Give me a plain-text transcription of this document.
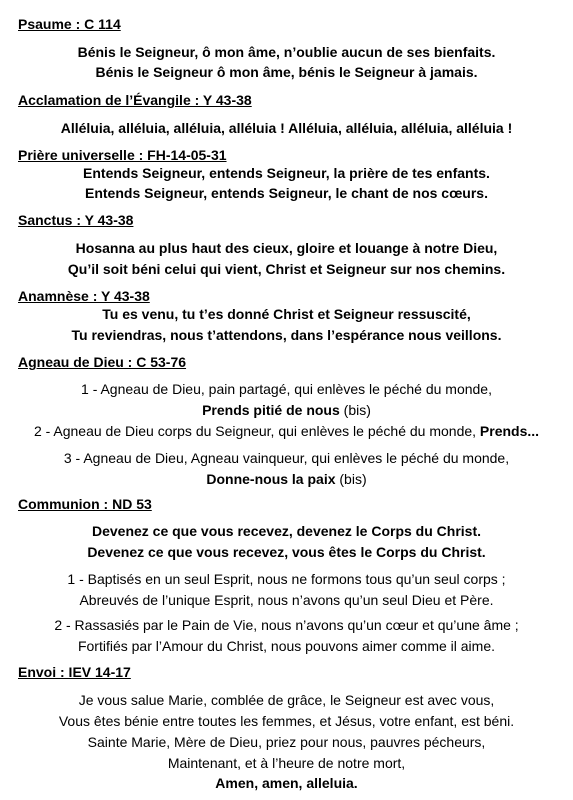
Psaume : C 114
Bénis le Seigneur, ô mon âme, n’oublie aucun de ses bienfaits.
Bénis le Seigneur ô mon âme, bénis le Seigneur à jamais.
Acclamation de l’Évangile : Y 43-38
Alléluia, alléluia, alléluia, alléluia ! Alléluia, alléluia, alléluia, alléluia !
Prière universelle : FH-14-05-31
Entends Seigneur, entends Seigneur, la prière de tes enfants.
Entends Seigneur, entends Seigneur, le chant de nos cœurs.
Sanctus : Y 43-38
Hosanna au plus haut des cieux, gloire et louange à notre Dieu,
Qu’il soit béni celui qui vient, Christ et Seigneur sur nos chemins.
Anamnèse : Y 43-38
Tu es venu, tu t’es donné Christ et Seigneur ressuscité,
Tu reviendras, nous t’attendons, dans l’espérance nous veillons.
Agneau de Dieu : C 53-76
1 - Agneau de Dieu, pain partagé, qui enlèves le péché du monde,
Prends pitié de nous (bis)
2 - Agneau de Dieu corps du Seigneur, qui enlèves le péché du monde, Prends...
3 - Agneau de Dieu, Agneau vainqueur, qui enlèves le péché du monde,
Donne-nous la paix (bis)
Communion : ND 53
Devenez ce que vous recevez, devenez le Corps du Christ.
Devenez ce que vous recevez, vous êtes le Corps du Christ.
1 - Baptisés en un seul Esprit, nous ne formons tous qu’un seul corps ;
Abreuvés de l’unique Esprit, nous n’avons qu’un seul Dieu et Père.
2 - Rassasiés par le Pain de Vie, nous n’avons qu’un cœur et qu’une âme ;
Fortifiés par l’Amour du Christ, nous pouvons aimer comme il aime.
Envoi : IEV 14-17
Je vous salue Marie, comblée de grâce, le Seigneur est avec vous,
Vous êtes bénie entre toutes les femmes, et Jésus, votre enfant, est béni.
Sainte Marie, Mère de Dieu, priez pour nous, pauvres pécheurs,
Maintenant, et à l’heure de notre mort,
Amen, amen, alleluia.
